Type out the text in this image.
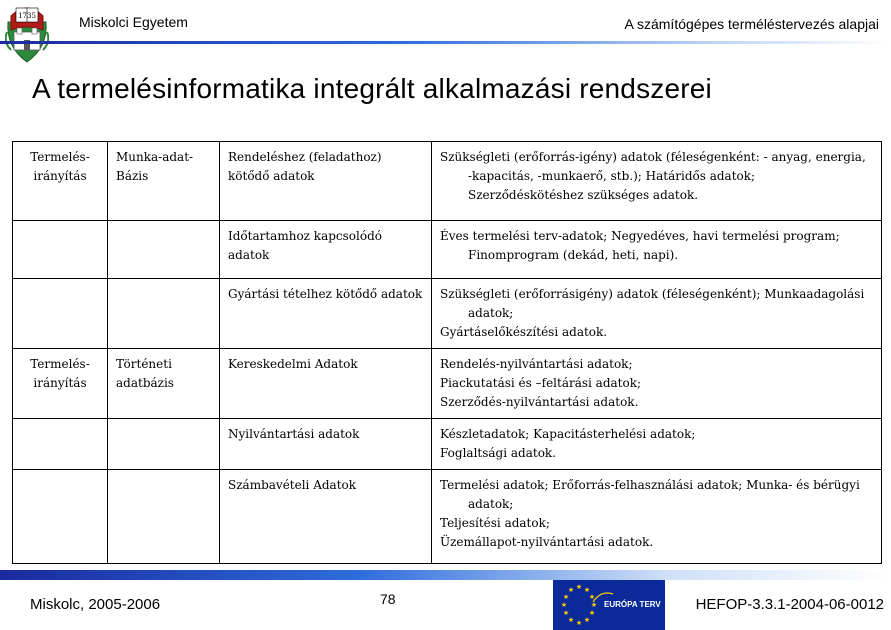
1735	Miskolci Egyetem	A számítógépes terméléstervezés alapjai
A termelésinformatika integrált alkalmazási rendszerei
Termelés-irányítás	Munka-adat-Bázis	Rendeléshez (feladathoz) kötődő adatok	Szükségleti (erőforrás-igény) adatok (féleségenként: - anyag, energia, -kapacitás, -munkaerő, stb.); Határidős adatok; Szerződéskötéshez szükséges adatok.

		Időtartamhoz kapcsolódó adatok	Éves termelési terv-adatok; Negyedéves, havi termelési program; Finomprogram (dekád, heti, napi).

		Gyártási tételhez kötődő adatok	Szükségleti (erőforrásigény) adatok (féleségenként); Munkaadagolási adatok;
Gyártáselőkészítési adatok.

Termelés-irányítás	Történeti adatbázis	Kereskedelmi Adatok	Rendelés-nyilvántartási adatok;
Piackutatási és –feltárási adatok;
Szerződés-nyilvántartási adatok.

		Nyilvántartási adatok	Készletadatok; Kapacitásterhelési adatok;
Foglaltsági adatok.

		Számbavételi Adatok	Termelési adatok; Erőforrás-felhasználási adatok; Munka- és bérügyi adatok;
Teljesítési adatok;
Üzemállapot-nyilvántartási adatok.
Miskolc, 2005-2006	78
★ ★
★
★
★
★
★
★
★
★
★
★
EURÓPA TERV HEFOP-3.3.1-2004-06-0012
